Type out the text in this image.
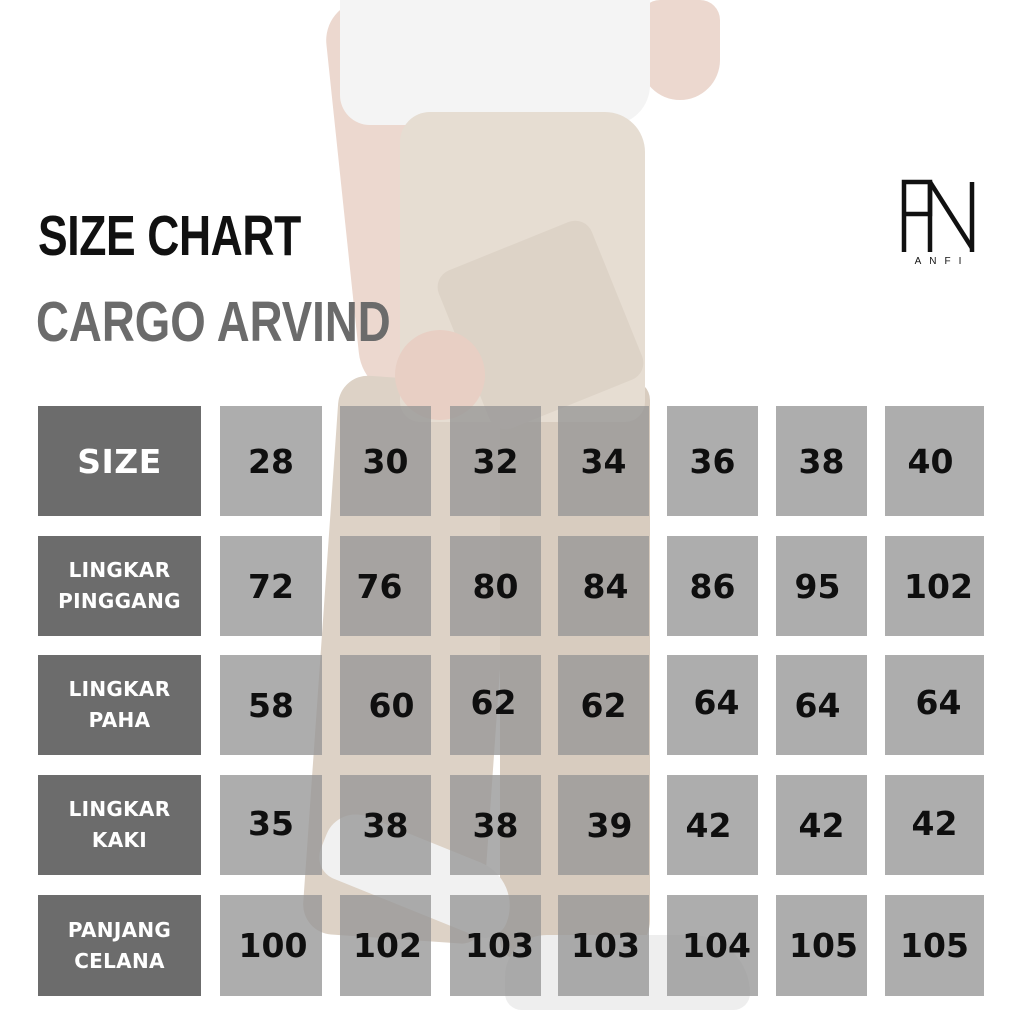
SIZE CHART
CARGO ARVIND
ANFI
SIZE	28 30 32 34 36 38 40
LINGKAR
PINGGANG	72 76 80 84 86 95 102
LINGKAR
PAHA	58 60 62 62 64 64 64
LINGKAR
KAKI	35 38 38 39 42 42 42
PANJANG
CELANA	100 102 103 103 104 105 105
